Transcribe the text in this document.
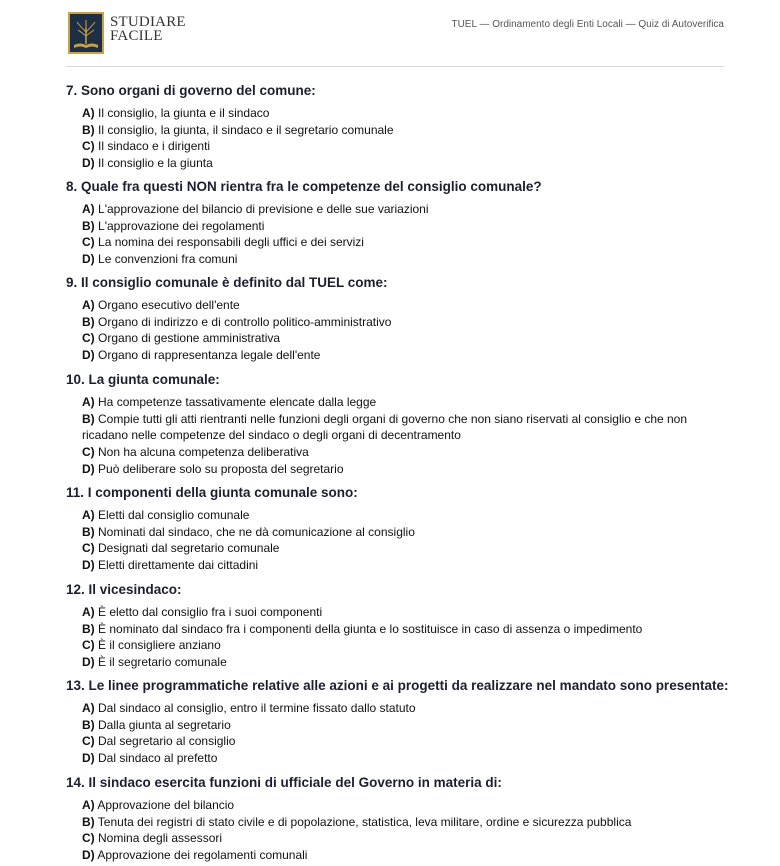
STUDIARE
FACILE
TUEL — Ordinamento degli Enti Locali — Quiz di Autoverifica
7. Sono organi di governo del comune:
A) Il consiglio, la giunta e il sindaco
B) Il consiglio, la giunta, il sindaco e il segretario comunale
C) Il sindaco e i dirigenti
D) Il consiglio e la giunta
8. Quale fra questi NON rientra fra le competenze del consiglio comunale?
A) L'approvazione del bilancio di previsione e delle sue variazioni
B) L'approvazione dei regolamenti
C) La nomina dei responsabili degli uffici e dei servizi
D) Le convenzioni fra comuni
9. Il consiglio comunale è definito dal TUEL come:
A) Organo esecutivo dell'ente
B) Organo di indirizzo e di controllo politico-amministrativo
C) Organo di gestione amministrativa
D) Organo di rappresentanza legale dell'ente
10. La giunta comunale:
A) Ha competenze tassativamente elencate dalla legge
B) Compie tutti gli atti rientranti nelle funzioni degli organi di governo che non siano riservati al consiglio e che non ricadano nelle competenze del sindaco o degli organi di decentramento
C) Non ha alcuna competenza deliberativa
D) Può deliberare solo su proposta del segretario
11. I componenti della giunta comunale sono:
A) Eletti dal consiglio comunale
B) Nominati dal sindaco, che ne dà comunicazione al consiglio
C) Designati dal segretario comunale
D) Eletti direttamente dai cittadini
12. Il vicesindaco:
A) È eletto dal consiglio fra i suoi componenti
B) È nominato dal sindaco fra i componenti della giunta e lo sostituisce in caso di assenza o impedimento
C) È il consigliere anziano
D) È il segretario comunale
13. Le linee programmatiche relative alle azioni e ai progetti da realizzare nel mandato sono presentate:
A) Dal sindaco al consiglio, entro il termine fissato dallo statuto
B) Dalla giunta al segretario
C) Dal segretario al consiglio
D) Dal sindaco al prefetto
14. Il sindaco esercita funzioni di ufficiale del Governo in materia di:
A) Approvazione del bilancio
B) Tenuta dei registri di stato civile e di popolazione, statistica, leva militare, ordine e sicurezza pubblica
C) Nomina degli assessori
D) Approvazione dei regolamenti comunali
